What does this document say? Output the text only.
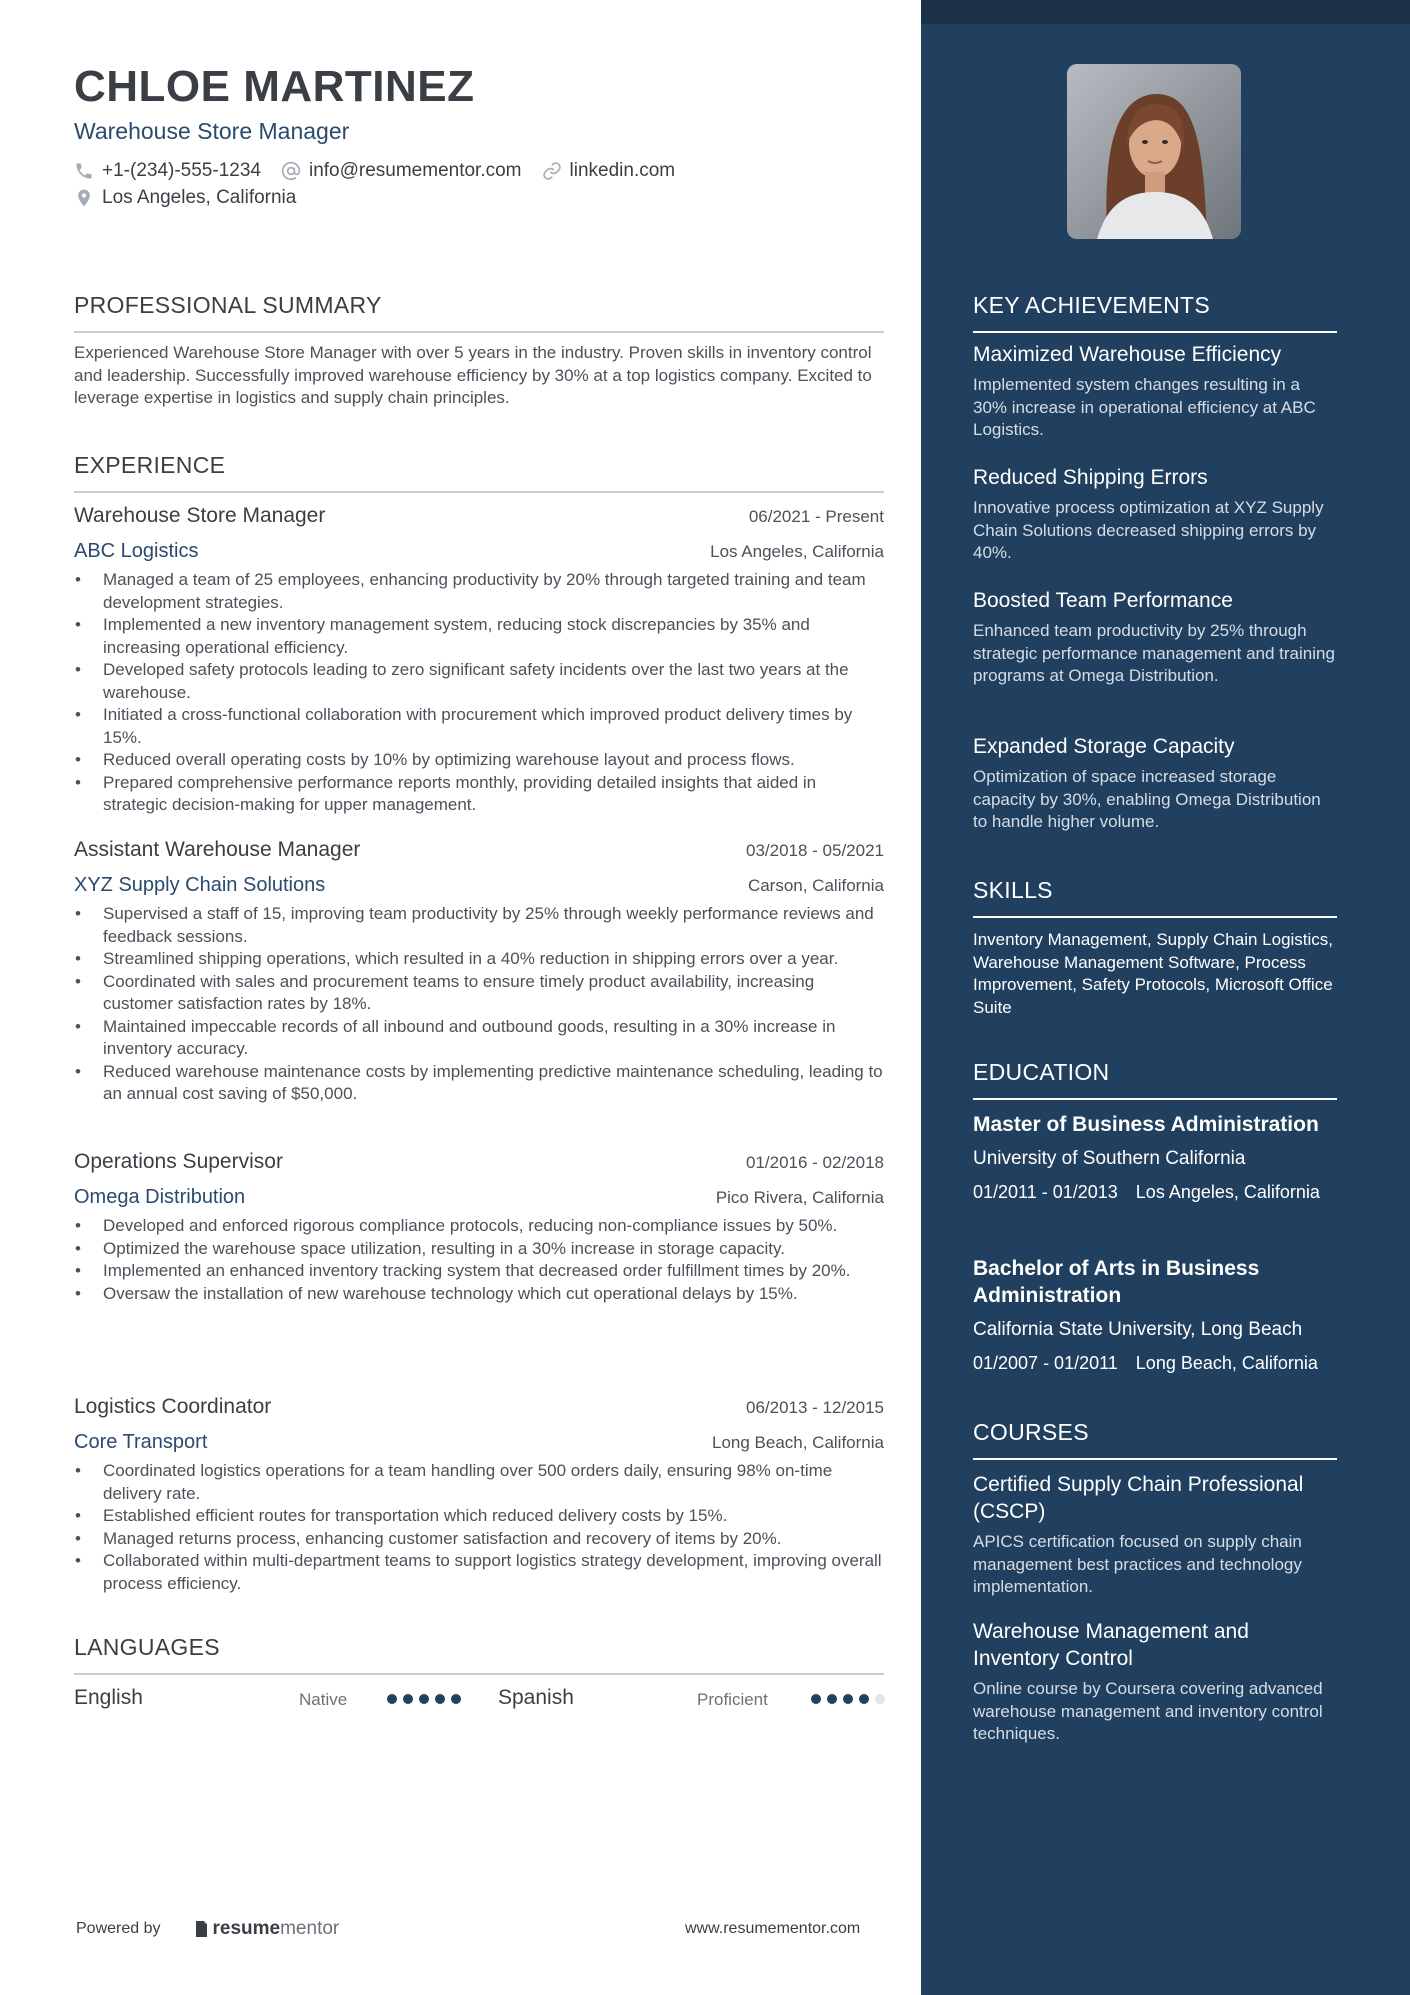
CHLOE MARTINEZ
Warehouse Store Manager
+1-(234)-555-1234	info@resumementor.com	linkedin.com
Los Angeles, California
PROFESSIONAL SUMMARY
Experienced Warehouse Store Manager with over 5 years in the industry. Proven skills in inventory control and leadership. Successfully improved warehouse efficiency by 30% at a top logistics company. Excited to leverage expertise in logistics and supply chain principles.
EXPERIENCE
Warehouse Store Manager	06/2021 - Present
ABC Logistics	Los Angeles, California
• Managed a team of 25 employees, enhancing productivity by 20% through targeted training and team development strategies.
• Implemented a new inventory management system, reducing stock discrepancies by 35% and increasing operational efficiency.
• Developed safety protocols leading to zero significant safety incidents over the last two years at the warehouse.
• Initiated a cross-functional collaboration with procurement which improved product delivery times by 15%.
• Reduced overall operating costs by 10% by optimizing warehouse layout and process flows.
• Prepared comprehensive performance reports monthly, providing detailed insights that aided in strategic decision-making for upper management.
Assistant Warehouse Manager	03/2018 - 05/2021
XYZ Supply Chain Solutions	Carson, California
• Supervised a staff of 15, improving team productivity by 25% through weekly performance reviews and feedback sessions.
• Streamlined shipping operations, which resulted in a 40% reduction in shipping errors over a year.
• Coordinated with sales and procurement teams to ensure timely product availability, increasing customer satisfaction rates by 18%.
• Maintained impeccable records of all inbound and outbound goods, resulting in a 30% increase in inventory accuracy.
• Reduced warehouse maintenance costs by implementing predictive maintenance scheduling, leading to an annual cost saving of $50,000.
Operations Supervisor	01/2016 - 02/2018
Omega Distribution	Pico Rivera, California
• Developed and enforced rigorous compliance protocols, reducing non-compliance issues by 50%.
• Optimized the warehouse space utilization, resulting in a 30% increase in storage capacity.
• Implemented an enhanced inventory tracking system that decreased order fulfillment times by 20%.
• Oversaw the installation of new warehouse technology which cut operational delays by 15%.
Logistics Coordinator	06/2013 - 12/2015
Core Transport	Long Beach, California
• Coordinated logistics operations for a team handling over 500 orders daily, ensuring 98% on-time delivery rate.
• Established efficient routes for transportation which reduced delivery costs by 15%.
• Managed returns process, enhancing customer satisfaction and recovery of items by 20%.
• Collaborated within multi-department teams to support logistics strategy development, improving overall process efficiency.
LANGUAGES
English	Native	Spanish	Proficient
Powered by	resume mentor	www.resumementor.com
KEY ACHIEVEMENTS
Maximized Warehouse Efficiency
Implemented system changes resulting in a 30% increase in operational efficiency at ABC Logistics.
Reduced Shipping Errors
Innovative process optimization at XYZ Supply Chain Solutions decreased shipping errors by 40%.
Boosted Team Performance
Enhanced team productivity by 25% through strategic performance management and training programs at Omega Distribution.
Expanded Storage Capacity
Optimization of space increased storage capacity by 30%, enabling Omega Distribution to handle higher volume.
SKILLS
Inventory Management, Supply Chain Logistics, Warehouse Management Software, Process Improvement, Safety Protocols, Microsoft Office Suite
EDUCATION
Master of Business Administration
University of Southern California
01/2011 - 01/2013 Los Angeles, California
Bachelor of Arts in Business Administration
California State University, Long Beach
01/2007 - 01/2011 Long Beach, California
COURSES
Certified Supply Chain Professional (CSCP)
APICS certification focused on supply chain management best practices and technology implementation.
Warehouse Management and Inventory Control
Online course by Coursera covering advanced warehouse management and inventory control techniques.
